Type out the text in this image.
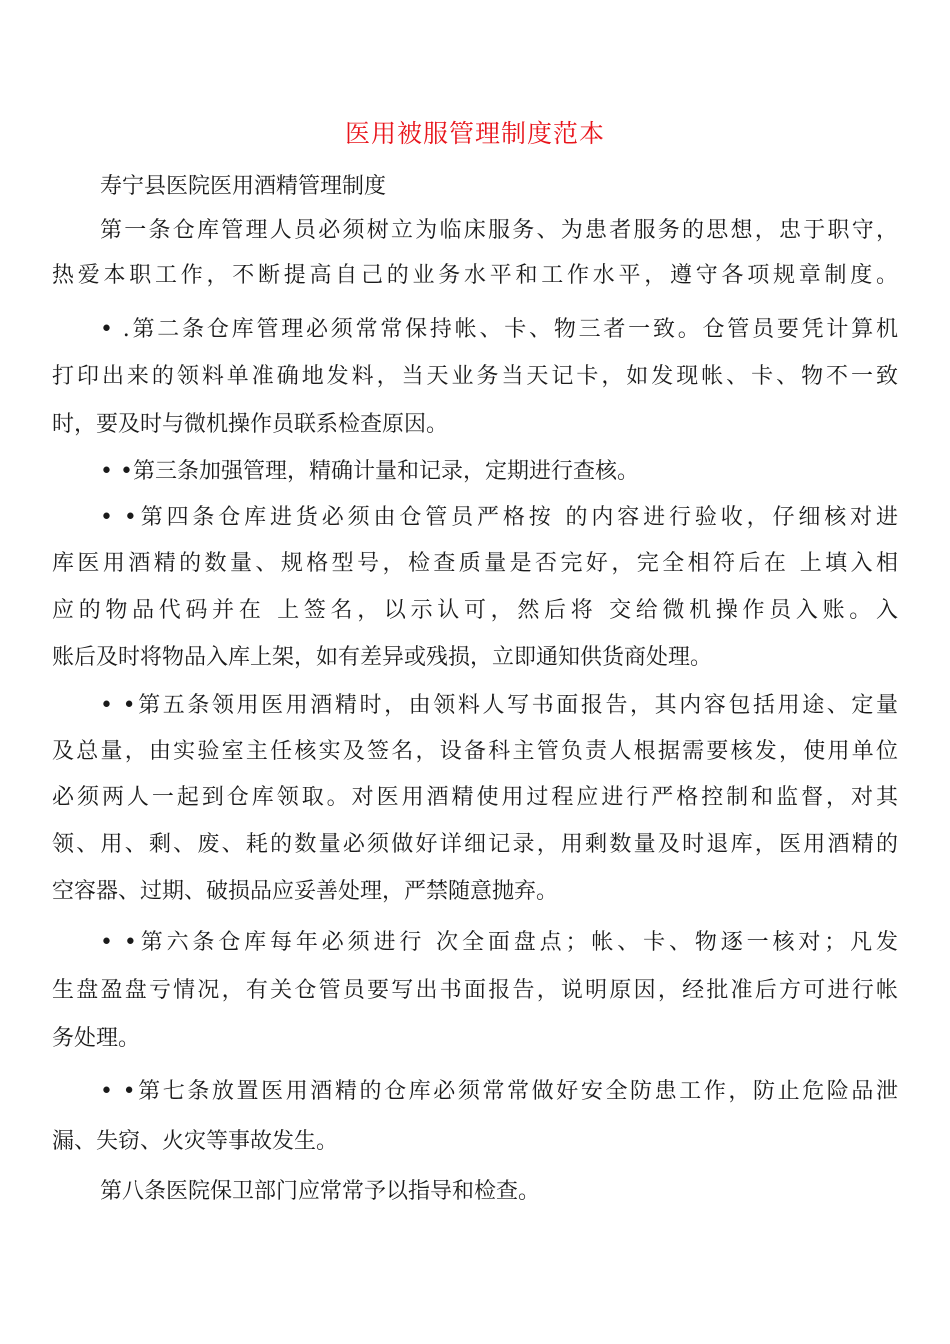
医用被服管理制度范本
寿宁县医院医用酒精管理制度
第一条仓库管理人员必须树立为临床服务、为患者服务的思想，忠于职守，
热爱本职工作，不断提高自己的业务水平和工作水平，遵守各项规章制度。
• .第二条仓库管理必须常常保持帐、卡、物三者一致。仓管员要凭计算机
打印出来的领料单准确地发料，当天业务当天记卡，如发现帐、卡、物不一致
时，要及时与微机操作员联系检查原因。
• •第三条加强管理，精确计量和记录，定期进行查核。
• •第四条仓库进货必须由仓管员严格按 的内容进行验收，仔细核对进
库医用酒精的数量、规格型号，检查质量是否完好，完全相符后在 上填入相
应的物品代码并在 上签名，以示认可，然后将 交给微机操作员入账。入
账后及时将物品入库上架，如有差异或残损，立即通知供货商处理。
• •第五条领用医用酒精时，由领料人写书面报告，其内容包括用途、定量
及总量，由实验室主任核实及签名，设备科主管负责人根据需要核发，使用单位
必须两人一起到仓库领取。对医用酒精使用过程应进行严格控制和监督，对其
领、用、剩、废、耗的数量必须做好详细记录，用剩数量及时退库，医用酒精的
空容器、过期、破损品应妥善处理，严禁随意抛弃。
• •第六条仓库每年必须进行 次全面盘点；帐、卡、物逐一核对；凡发
生盘盈盘亏情况，有关仓管员要写出书面报告，说明原因，经批准后方可进行帐
务处理。
• •第七条放置医用酒精的仓库必须常常做好安全防患工作，防止危险品泄
漏、失窃、火灾等事故发生。
第八条医院保卫部门应常常予以指导和检查。
